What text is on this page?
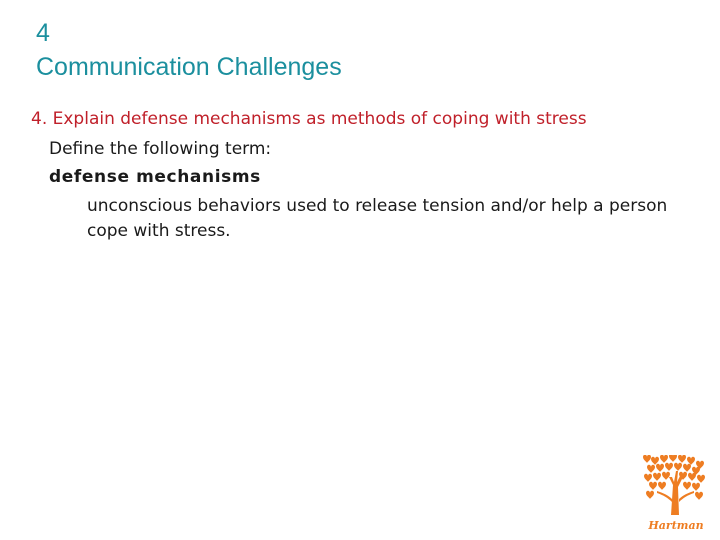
4
Communication Challenges
4. Explain defense mechanisms as methods of coping with stress
Define the following term:
defense mechanisms
unconscious behaviors used to release tension and/or help a person cope with stress.
Hartman
